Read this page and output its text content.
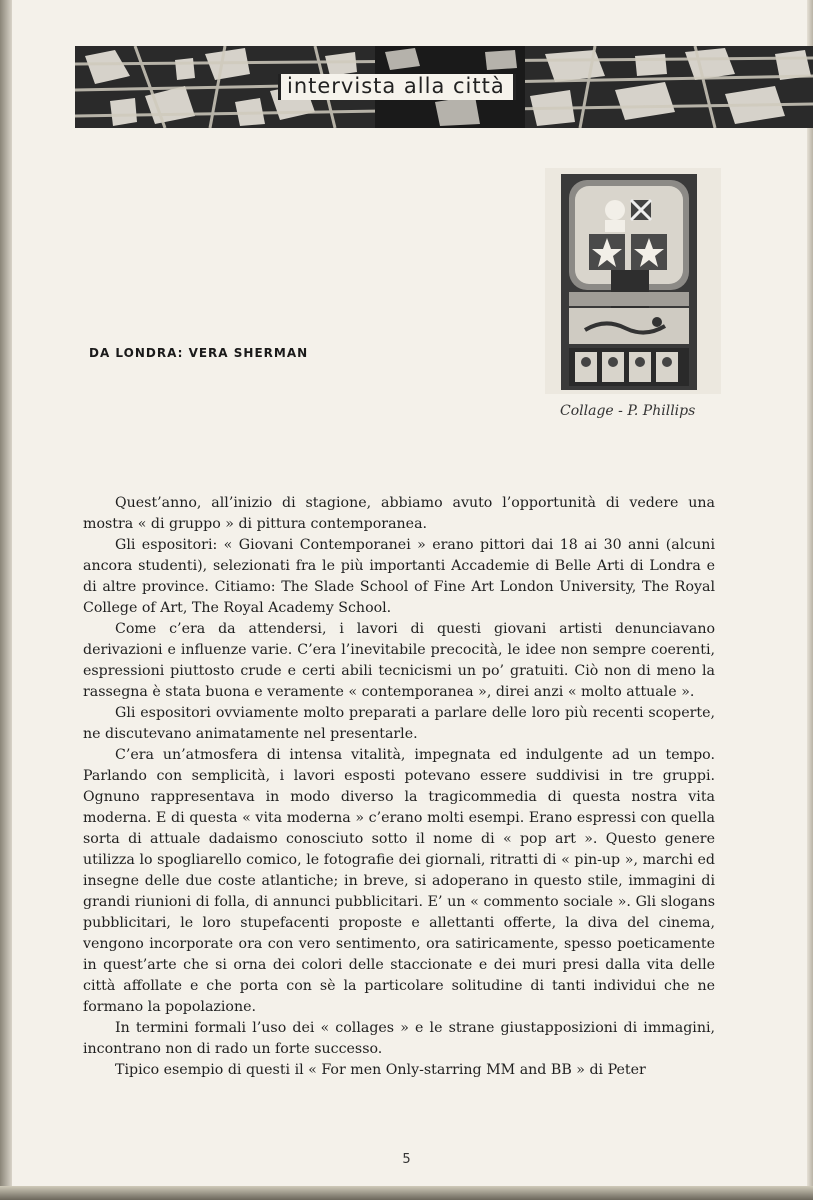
intervista alla città
Collage - P. Phillips
DA LONDRA: VERA SHERMAN

Quest’anno, all’inizio di stagione, abbiamo avuto l’opportunità di vedere una mostra « di gruppo » di pittura contemporanea.

Gli espositori: « Giovani Contemporanei » erano pittori dai 18 ai 30 anni (alcuni ancora studenti), selezionati fra le più importanti Accademie di Belle Arti di Londra e di altre province. Citiamo: The Slade School of Fine Art London University, The Royal College of Art, The Royal Academy School.

Come c’era da attendersi, i lavori di questi giovani artisti denunciavano derivazioni e influenze varie. C’era l’inevitabile precocità, le idee non sempre coerenti, espressioni piuttosto crude e certi abili tecnicismi un po’ gratuiti. Ciò non di meno la rassegna è stata buona e veramente « contemporanea », direi anzi « molto attuale ».

Gli espositori ovviamente molto preparati a parlare delle loro più recenti scoperte, ne discutevano animatamente nel presentarle.

C’era un’atmosfera di intensa vitalità, impegnata ed indulgente ad un tempo. Parlando con semplicità, i lavori esposti potevano essere suddivisi in tre gruppi. Ognuno rappresentava in modo diverso la tragicommedia di questa nostra vita moderna. E di questa « vita moderna » c’erano molti esempi. Erano espressi con quella sorta di attuale dadaismo conosciuto sotto il nome di « pop art ». Questo genere utilizza lo spogliarello comico, le fotografie dei giornali, ritratti di « pin-up », marchi ed insegne delle due coste atlantiche; in breve, si adoperano in questo stile, immagini di grandi riunioni di folla, di annunci pubblicitari. E’ un « commento sociale ». Gli slogans pubblicitari, le loro stupefacenti proposte e allettanti offerte, la diva del cinema, vengono incorporate ora con vero sentimento, ora satiricamente, spesso poeticamente in quest’arte che si orna dei colori delle staccionate e dei muri presi dalla vita delle città affollate e che porta con sè la particolare solitudine di tanti individui che ne formano la popolazione.

In termini formali l’uso dei « collages » e le strane giustapposizioni di immagini, incontrano non di rado un forte successo.

Tipico esempio di questi il « For men Only-starring MM and BB » di Peter

5
